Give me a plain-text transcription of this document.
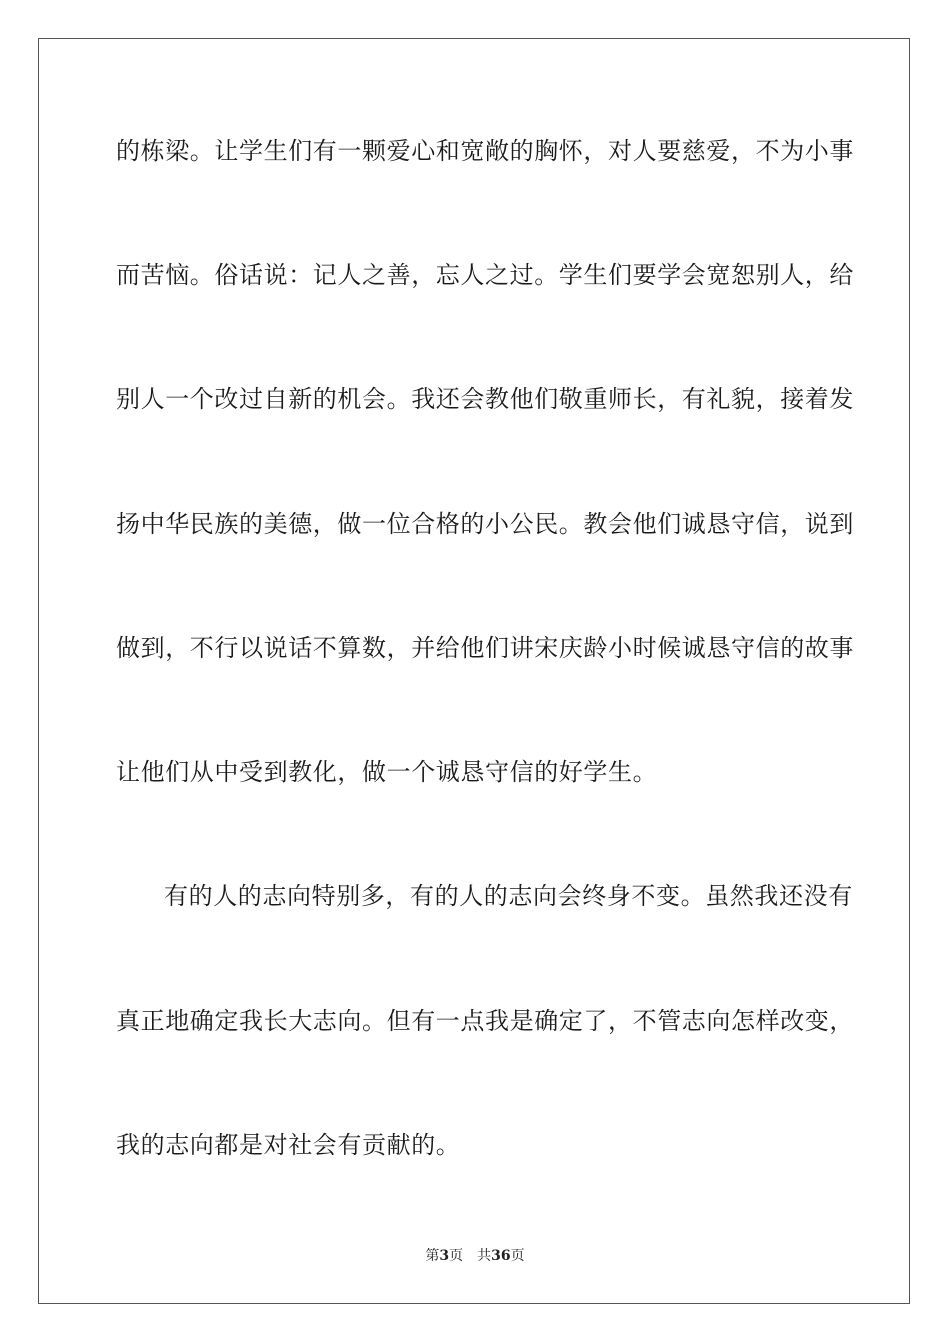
的栋梁。让学生们有一颗爱心和宽敞的胸怀，对人要慈爱，不为小事
而苦恼。俗话说：记人之善，忘人之过。学生们要学会宽恕别人，给
别人一个改过自新的机会。我还会教他们敬重师长，有礼貌，接着发
扬中华民族的美德，做一位合格的小公民。教会他们诚恳守信，说到
做到，不行以说话不算数，并给他们讲宋庆龄小时候诚恳守信的故事
让他们从中受到教化，做一个诚恳守信的好学生。
有的人的志向特别多，有的人的志向会终身不变。虽然我还没有
真正地确定我长大志向。但有一点我是确定了，不管志向怎样改变，
我的志向都是对社会有贡献的。
第3页 共36页
